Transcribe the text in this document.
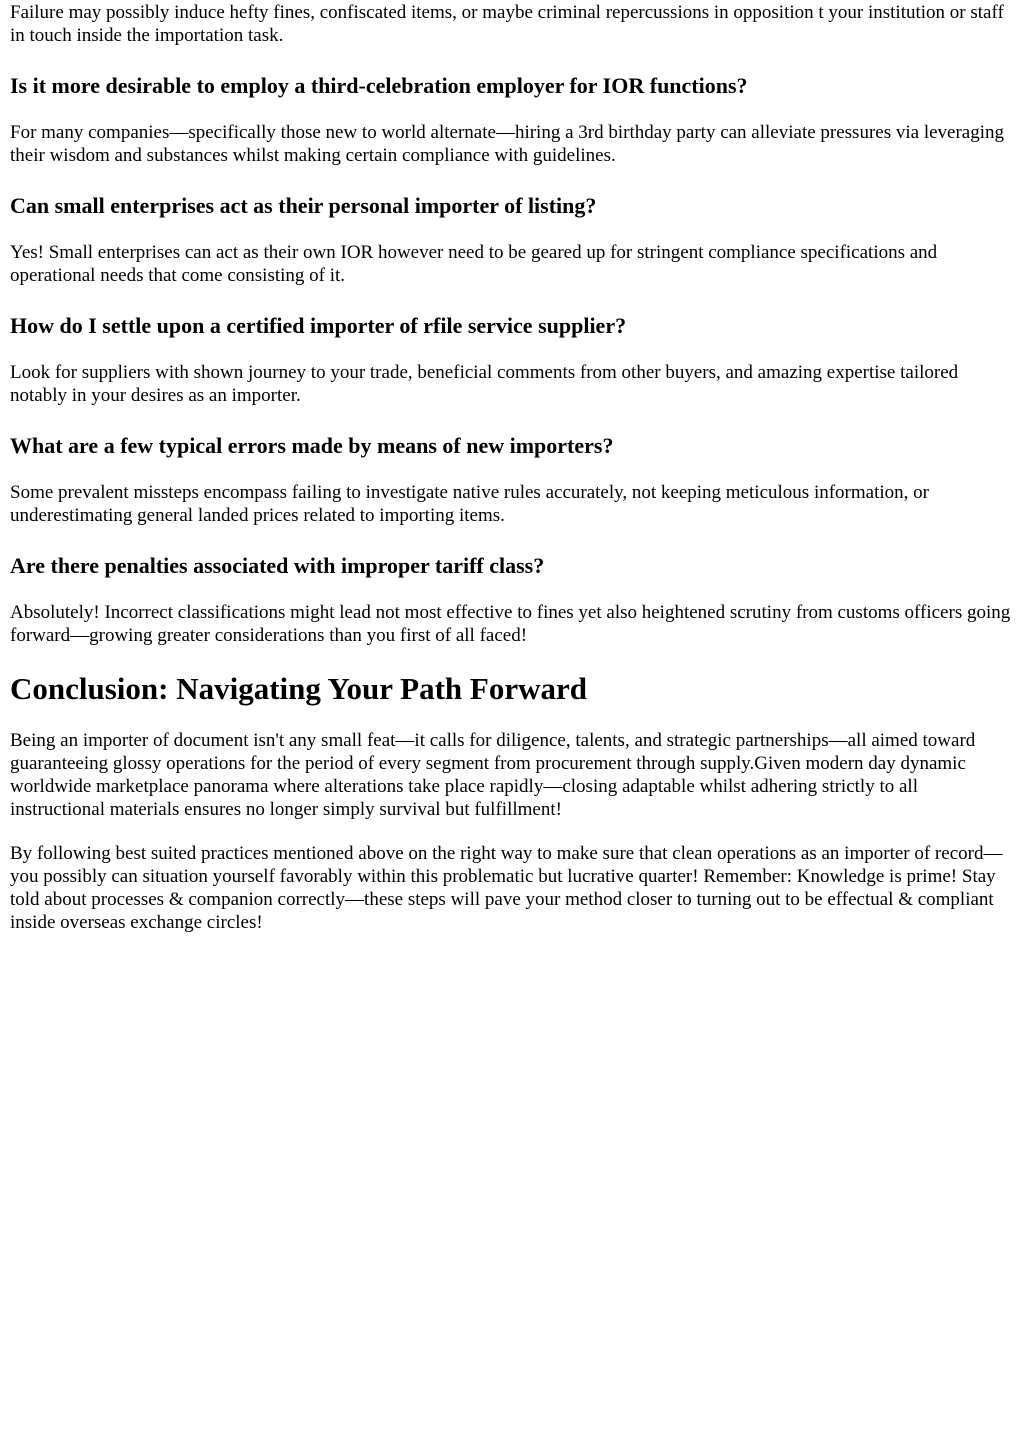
Failure may possibly induce hefty fines, confiscated items, or maybe criminal repercussions in opposition t your institution or staff in touch inside the importation task.

Is it more desirable to employ a third-celebration employer for IOR functions?

For many companies—specifically those new to world alternate—hiring a 3rd birthday party can alleviate pressures via leveraging their wisdom and substances whilst making certain compliance with guidelines.

Can small enterprises act as their personal importer of listing?

Yes! Small enterprises can act as their own IOR however need to be geared up for stringent compliance specifications and operational needs that come consisting of it.

How do I settle upon a certified importer of rfile service supplier?

Look for suppliers with shown journey to your trade, beneficial comments from other buyers, and amazing expertise tailored notably in your desires as an importer.

What are a few typical errors made by means of new importers?

Some prevalent missteps encompass failing to investigate native rules accurately, not keeping meticulous information, or underestimating general landed prices related to importing items.

Are there penalties associated with improper tariff class?

Absolutely! Incorrect classifications might lead not most effective to fines yet also heightened scrutiny from customs officers going forward—growing greater considerations than you first of all faced!

Conclusion: Navigating Your Path Forward

Being an importer of document isn't any small feat—it calls for diligence, talents, and strategic partnerships—all aimed toward guaranteeing glossy operations for the period of every segment from procurement through supply.Given modern day dynamic worldwide marketplace panorama where alterations take place rapidly—closing adaptable whilst adhering strictly to all instructional materials ensures no longer simply survival but fulfillment!

By following best suited practices mentioned above on the right way to make sure that clean operations as an importer of record—you possibly can situation yourself favorably within this problematic but lucrative quarter! Remember: Knowledge is prime! Stay told about processes & companion correctly—these steps will pave your method closer to turning out to be effectual & compliant inside overseas exchange circles!
